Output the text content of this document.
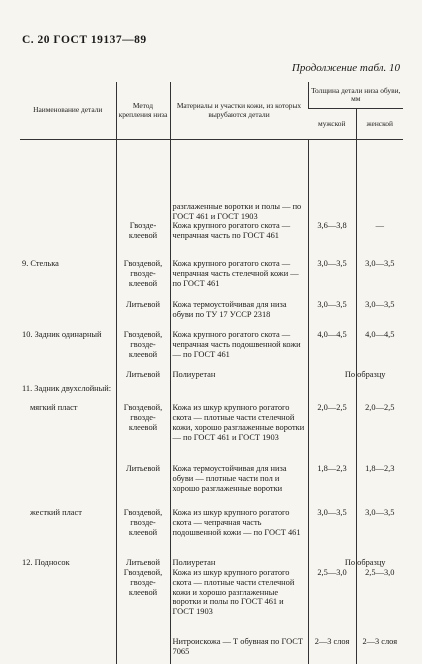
С. 20 ГОСТ 19137—89
Продолжение табл. 10
Наименование детали	Метод крепления низа	Материалы и участки кожи, из которых вырубаются детали	Толщина детали низа обуви, мм	
			мужской	женской
		разглаженные воротки и полы — по ГОСТ 461 и ГОСТ 1903		
	Гвозде-клеевой	Кожа крупного рогатого скота — чепрачная часть по ГОСТ 461	3,6—3,8	—
9. Стелька	Гвоздевой, гвозде-клеевой	Кожа крупного рогатого скота — чепрачная часть стелечной кожи — по ГОСТ 461	3,0—3,5	3,0—3,5
	Литьевой	Кожа термоустойчивая для низа обуви по ТУ 17 УССР 2318	3,0—3,5	3,0—3,5
10. Задник одинарный	Гвоздевой, гвозде-клеевой	Кожа крупного рогатого скота — чепрачная часть подошвенной кожи — по ГОСТ 461	4,0—4,5	4,0—4,5
	Литьевой	Полиуретан	По образцу	
11. Задник двухслойный:				
мягкий пласт	Гвоздевой, гвозде-клеевой	Кожа из шкур крупного рогатого скота — плотные части стелечной кожи, хорошо разглаженные воротки — по ГОСТ 461 и ГОСТ 1903	2,0—2,5	2,0—2,5
	Литьевой	Кожа термоустойчивая для низа обуви — плотные части пол и хорошо разглаженные воротки	1,8—2,3	1,8—2,3
жесткий пласт	Гвоздевой, гвозде-клеевой	Кожа из шкур крупного рогатого скота — чепрачная часть подошвенной кожи — по ГОСТ 461	3,0—3,5	3,0—3,5
12. Подносок	Литьевой	Полиуретан	По образцу	
	Гвоздевой, гвозде-клеевой	Кожа из шкур крупного рогатого скота — плотные части стелечной кожи и хорошо разглаженные воротки и полы по ГОСТ 461 и ГОСТ 1903	2,5—3,0	2,5—3,0
		Нитроискожа — Т обувная по ГОСТ 7065	2—3 слоя	2—3 слоя
